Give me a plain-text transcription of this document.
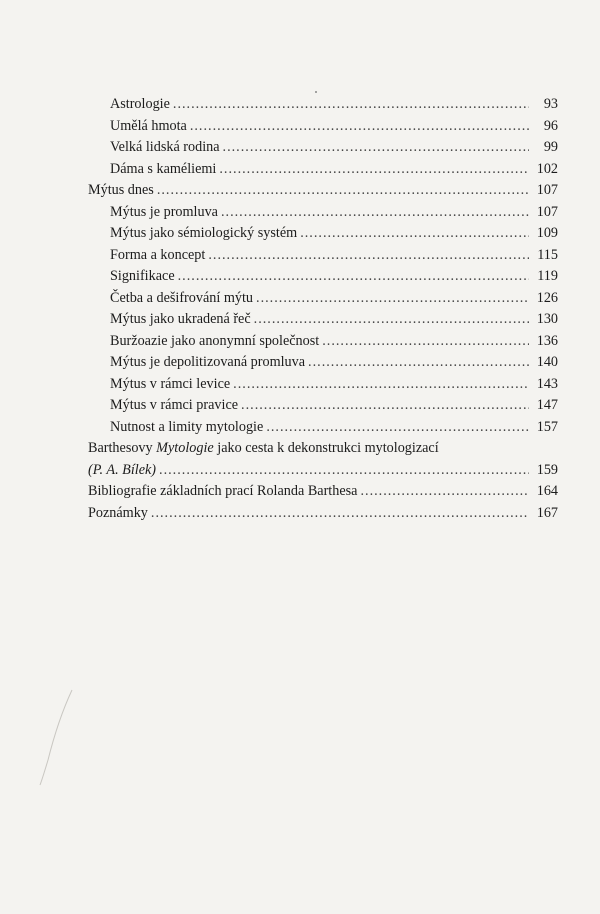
Astrologie .....	93
Umělá hmota .....	96
Velká lidská rodina .....	99
Dáma s kaméliemi .....	102
Mýtus dnes .....	107
Mýtus je promluva .....	107
Mýtus jako sémiologický systém .....	109
Forma a koncept .....	115
Signifikace .....	119
Četba a dešifrování mýtu .....	126
Mýtus jako ukradená řeč .....	130
Buržoazie jako anonymní společnost .....	136
Mýtus je depolitizovaná promluva .....	140
Mýtus v rámci levice .....	143
Mýtus v rámci pravice .....	147
Nutnost a limity mytologie .....	157
Barthesovy Mytologie jako cesta k dekonstrukci mytologizací
(P. A. Bílek) .....	159
Bibliografie základních prací Rolanda Barthesa .....	164
Poznámky .....	167
